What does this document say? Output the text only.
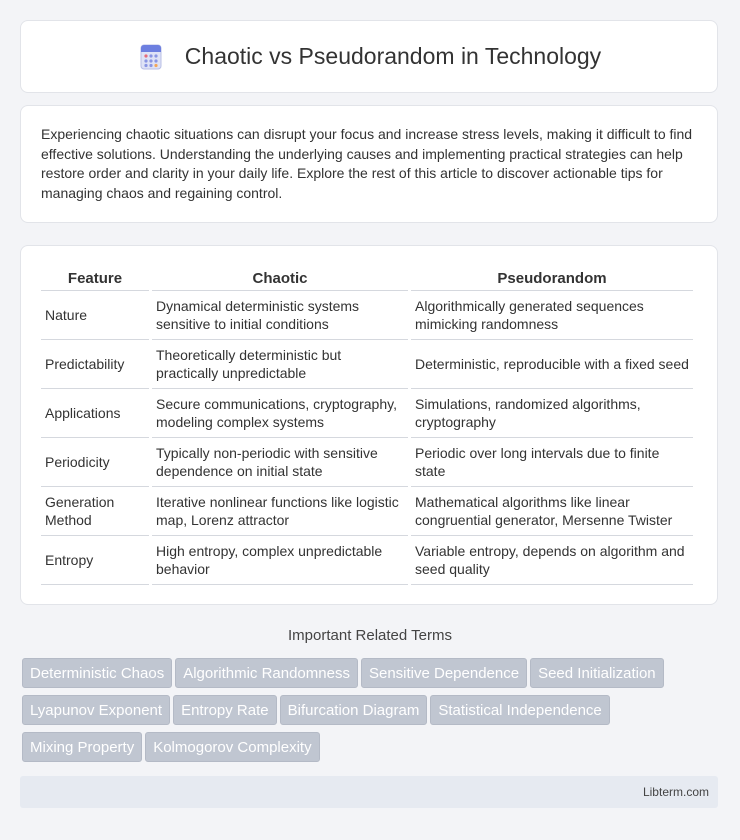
Chaotic vs Pseudorandom in Technology

Experiencing chaotic situations can disrupt your focus and increase stress levels, making it difficult to find effective solutions. Understanding the underlying causes and implementing practical strategies can help restore order and clarity in your daily life. Explore the rest of this article to discover actionable tips for managing chaos and regaining control.

Feature	Chaotic	Pseudorandom
Nature	Dynamical deterministic systems sensitive to initial conditions	Algorithmically generated sequences mimicking randomness
Predictability	Theoretically deterministic but practically unpredictable	Deterministic, reproducible with a fixed seed
Applications	Secure communications, cryptography, modeling complex systems	Simulations, randomized algorithms, cryptography
Periodicity	Typically non-periodic with sensitive dependence on initial state	Periodic over long intervals due to finite state
Generation Method	Iterative nonlinear functions like logistic map, Lorenz attractor	Mathematical algorithms like linear congruential generator, Mersenne Twister
Entropy	High entropy, complex unpredictable behavior	Variable entropy, depends on algorithm and seed quality
Important Related Terms
Deterministic Chaos Algorithmic Randomness Sensitive Dependence Seed Initialization
Lyapunov Exponent Entropy Rate Bifurcation Diagram Statistical Independence
Mixing Property Kolmogorov Complexity
Libterm.com
